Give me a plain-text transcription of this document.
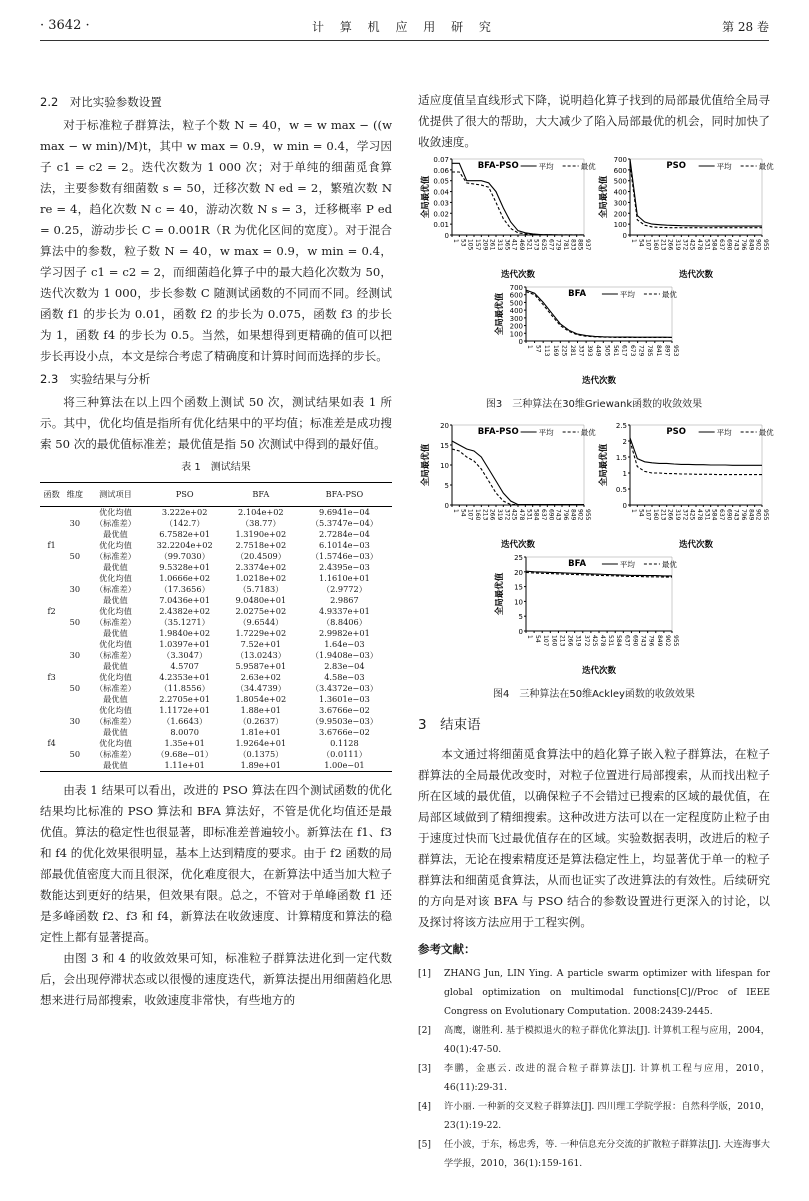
· 3642 ·	计 算 机 应 用 研 究	第 28 卷
2.2　对比实验参数设置

对于标准粒子群算法，粒子个数 N = 40，w = w max − ((w max − w min)/M)t，其中 w max = 0.9，w min = 0.4，学习因子 c1 = c2 = 2。迭代次数为 1 000 次；对于单纯的细菌觅食算法，主要参数有细菌数 s = 50，迁移次数 N ed = 2，繁殖次数 N re = 4，趋化次数 N c = 40，游动次数 N s = 3，迁移概率 P ed = 0.25，游动步长 C = 0.001R（R 为优化区间的宽度）。对于混合算法中的参数，粒子数 N = 40，w max = 0.9，w min = 0.4，学习因子 c1 = c2 = 2，而细菌趋化算子中的最大趋化次数为 50，迭代次数为 1 000，步长参数 C 随测试函数的不同而不同。经测试函数 f1 的步长为 0.01，函数 f2 的步长为 0.075，函数 f3 的步长为 1，函数 f4 的步长为 0.5。当然，如果想得到更精确的值可以把步长再设小点，本文是综合考虑了精确度和计算时间而选择的步长。

2.3　实验结果与分析

将三种算法在以上四个函数上测试 50 次，测试结果如表 1 所示。其中，优化均值是指所有优化结果中的平均值；标准差是成功搜索 50 次的最优值标准差；最优值是指 50 次测试中得到的最好值。

表 1　测试结果
函数	维度	测试项目	PSO	BFA	BFA-PSO
		优化均值	3.222e+02	2.104e+02	9.6941e−04
	30	（标准差）	（142.7）	（38.77）	（5.3747e−04）
		最优值	6.7582e+01	1.3190e+02	2.7284e−04
f1		优化均值	32.2204e+02	2.7518e+02	6.1014e−03
	50	（标准差）	（99.7030）	（20.4509）	（1.5746e−03）
		最优值	9.5328e+01	2.3374e+02	2.4395e−03
		优化均值	1.0666e+02	1.0218e+02	1.1610e+01
	30	（标准差）	（17.3656）	（5.7183）	（2.9772）
		最优值	7.0436e+01	9.0480e+01	2.9867
f2		优化均值	2.4382e+02	2.0275e+02	4.9337e+01
	50	（标准差）	（35.1271）	（9.6544）	（8.8406）
		最优值	1.9840e+02	1.7229e+02	2.9982e+01
		优化均值	1.0397e+01	7.52e+01	1.64e−03
	30	（标准差）	（3.3047）	（13.0243）	（1.9408e−03）
		最优值	4.5707	5.9587e+01	2.83e−04
f3		优化均值	4.2353e+01	2.63e+02	4.58e−03
	50	（标准差）	（11.8556）	（34.4739）	（3.4372e−03）
		最优值	2.2705e+01	1.8054e+02	1.3601e−03
		优化均值	1.1172e+01	1.88e+01	3.6766e−02
	30	（标准差）	（1.6643）	（0.2637）	（9.9503e−03）
		最优值	8.0070	1.81e+01	3.6766e−02
f4		优化均值	1.35e+01	1.9264e+01	0.1128
	50	（标准差）	（9.68e−01）	（0.1375）	（0.0111）
		最优值	1.11e+01	1.89e+01	1.00e−01

由表 1 结果可以看出，改进的 PSO 算法在四个测试函数的优化结果均比标准的 PSO 算法和 BFA 算法好，不管是优化均值还是最优值。算法的稳定性也很显著，即标准差普遍较小。新算法在 f1、f3 和 f4 的优化效果很明显，基本上达到精度的要求。由于 f2 函数的局部最优值密度大而且很深，优化难度很大，在新算法中适当加大粒子数能达到更好的结果，但效果有限。总之，不管对于单峰函数 f1 还是多峰函数 f2、f3 和 f4，新算法在收敛速度、计算精度和算法的稳定性上都有显著提高。

由图 3 和 4 的收敛效果可知，标准粒子群算法进化到一定代数后，会出现停滞状态或以很慢的速度迭代，新算法提出用细菌趋化思想来进行局部搜索，收敛速度非常快，有些地方的

适应度值呈直线形式下降，说明趋化算子找到的局部最优值给全局寻优提供了很大的帮助，大大减少了陷入局部最优的机会，同时加快了收敛速度。

0
0.01
0.02
0.03
0.04
0.05
0.06
0.07
1 53 105 157 209 261 313 365 417 469 521 573 625 677 729 781 833 885 937
迭代次数
全局最优值
BFA-PSO	平均	最优
0
100
200
300
400
500
600
700
1 54 107 160 213 266 319 372 425 478 531 584 637 690 743 796 849 902 955
迭代次数
全局最优值
PSO	平均	最优
0
100
200
300
400
500
600
700
1 57 113 169 225 281 337 393 449 505 561 617 673 729 785 841 897 953
迭代次数
全局最优值	BFA	平均	最优
图3　三种算法在30维Griewank函数的收敛效果
0
5
10
15
20
1 54 107 160 213 266 319 372 425 478 531 584 637 690 743 796 849 902 955
迭代次数
全局最优值
BFA-PSO	平均	最优
0
0.5
1
1.5
2
2.5
1 54 107 160 213 266 319 372 425 478 531 584 637 690 743 796 849 902 955
迭代次数
全局最优值
PSO	平均	最优
0
5
10
15
20
25
1 54 107 160 213 266 319 372 425 478 531 584 637 690 743 796 849 902 955
迭代次数
全局最优值
BFA	平均	最优
图4　三种算法在50维Ackley函数的收敛效果
3　结束语

本文通过将细菌觅食算法中的趋化算子嵌入粒子群算法，在粒子群算法的全局最优改变时，对粒子位置进行局部搜索，从而找出粒子所在区域的最优值，以确保粒子不会错过已搜索的区域的最优值，在局部区域做到了精细搜索。这种改进方法可以在一定程度防止粒子由于速度过快而飞过最优值存在的区域。实验数据表明，改进后的粒子群算法，无论在搜索精度还是算法稳定性上，均显著优于单一的粒子群算法和细菌觅食算法，从而也证实了改进算法的有效性。后续研究的方向是对该 BFA 与 PSO 结合的参数设置进行更深入的讨论，以及探讨将该方法应用于工程实例。

参考文献：
[1]	ZHANG Jun, LIN Ying. A particle swarm optimizer with lifespan for global optimization on multimodal functions[C]//Proc of IEEE Congress on Evolutionary Computation. 2008:2439-2445.
[2]	高鹰，谢胜利. 基于模拟退火的粒子群优化算法[J]. 计算机工程与应用，2004，40(1):47-50.
[3]	李鹏，金惠云. 改进的混合粒子群算法[J]. 计算机工程与应用，2010，46(11):29-31.
[4]	许小丽. 一种新的交叉粒子群算法[J]. 四川理工学院学报：自然科学版，2010，23(1):19-22.
[5]	任小波，于东，杨忠秀，等. 一种信息充分交流的扩散粒子群算法[J]. 大连海事大学学报，2010，36(1):159-161.
